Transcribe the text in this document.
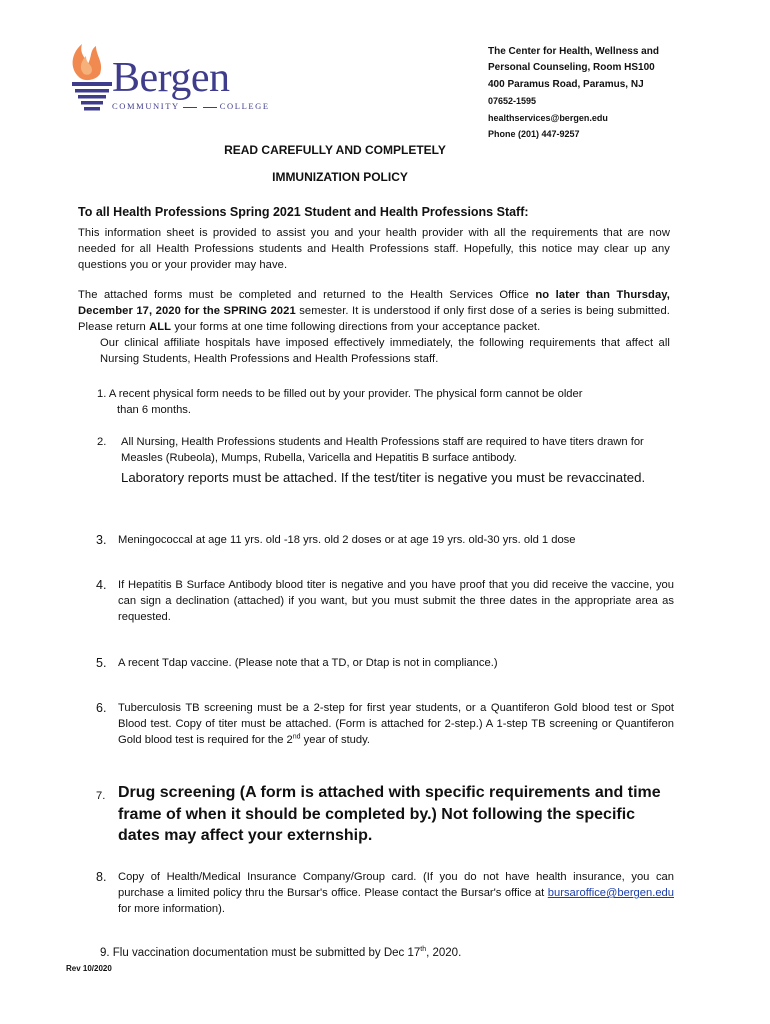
Bergen
COMMUNITY	COLLEGE
The Center for Health, Wellness and
Personal Counseling, Room HS100
400 Paramus Road, Paramus, NJ
07652-1595
healthservices@bergen.edu
Phone (201) 447-9257
READ CAREFULLY AND COMPLETELY
IMMUNIZATION POLICY
To all Health Professions Spring 2021 Student and Health Professions Staff:
This information sheet is provided to assist you and your health provider with all the requirements that are now needed for all Health Professions students and Health Professions staff. Hopefully, this notice may clear up any questions you or your provider may have.
The attached forms must be completed and returned to the Health Services Office no later than Thursday, December 17, 2020 for the SPRING 2021 semester. It is understood if only first dose of a series is being submitted. Please return ALL your forms at one time following directions from your acceptance packet.
Our clinical affiliate hospitals have imposed effectively immediately, the following requirements that affect all Nursing Students, Health Professions and Health Professions staff.
1. A recent physical form needs to be filled out by your provider. The physical form cannot be older
than 6 months.
2. All Nursing, Health Professions students and Health Professions staff are required to have titers drawn for Measles (Rubeola), Mumps, Rubella, Varicella and Hepatitis B surface antibody.
Laboratory reports must be attached. If the test/titer is negative you must be revaccinated.
3. Meningococcal at age 11 yrs. old -18 yrs. old 2 doses or at age 19 yrs. old-30 yrs. old 1 dose
4. If Hepatitis B Surface Antibody blood titer is negative and you have proof that you did receive the vaccine, you can sign a declination (attached) if you want, but you must submit the three dates in the appropriate area as requested.
5. A recent Tdap vaccine. (Please note that a TD, or Dtap is not in compliance.)
6. Tuberculosis TB screening must be a 2-step for first year students, or a Quantiferon Gold blood test or Spot Blood test. Copy of titer must be attached. (Form is attached for 2-step.) A 1-step TB screening or Quantiferon Gold blood test is required for the 2nd year of study.
7. Drug screening (A form is attached with specific requirements and time frame of when it should be completed by.) Not following the specific dates may affect your externship.
8. Copy of Health/Medical Insurance Company/Group card. (If you do not have health insurance, you can purchase a limited policy thru the Bursar's office. Please contact the Bursar's office at bursaroffice@bergen.edu for more information).
9. Flu vaccination documentation must be submitted by Dec 17th, 2020.
Rev 10/2020
